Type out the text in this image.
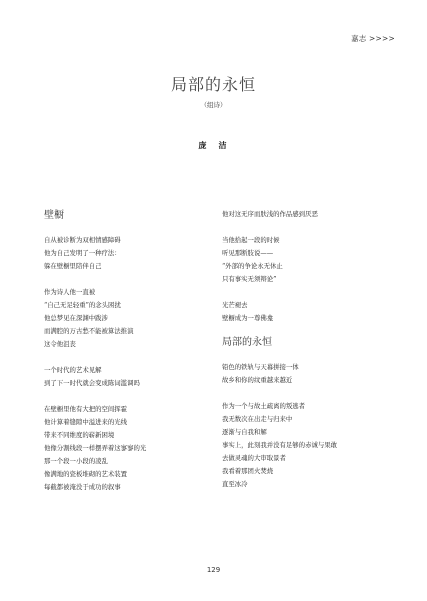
嘉志 >>>>
局部的永恒
（组诗）
庞　洁
壁橱
自从被诊断为双相情感障碍
他为自己发明了一种疗法：
躲在壁橱里陪伴自己
作为诗人他一直被
“自己无足轻重”的念头困扰
他总梦见在深渊中跋涉
而满腔的万古愁不能被算法推演
这令他沮丧
一个时代的艺术见解
到了下一时代就会变成陈词滥调吗
在壁橱里他有大把的空间挥霍
他计算着缝隙中溢进来的光线
带来不同维度的崭新困境
他像分割线段一样摆弄着这寥寥的光
那一个段一小段的凌乱
像满地的瓷板堆砌的艺术装置
每截都被淹没于成功的叙事
他对这无序而肤浅的作品感到厌恶
当他拾起一段的时候
听见那断肢说——
“外部的争论永无休止
只有事实无须辩论”
光芒褪去
壁橱成为一尊佛龛
局部的永恒
铅色的铁轨与天幕拼接一体
故乡和你的纹重越来越近
作为一个与故土疏离的叛逃者
我无数次在出走与归来中
逐渐与自我和解
事实上，此刻我并没有足够的赤诚与果敢
去做灵魂的大审取景者
我看着那团火焚烧
直至冰冷
129
